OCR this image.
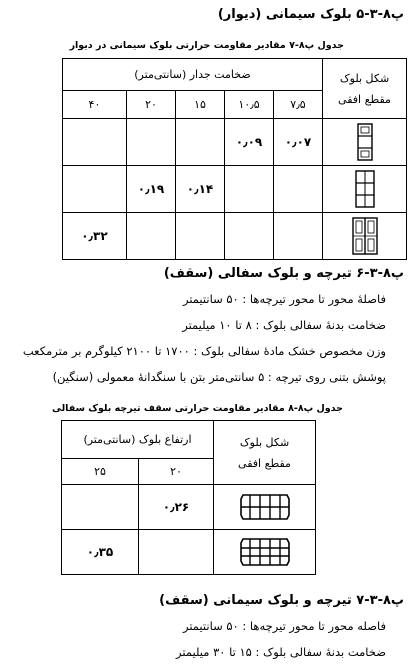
پ۸-۳-۵ بلوک سیمانی (دیوار)
جدول پ۸-۷ مقادیر مقاومت حرارتی بلوک سیمانی در دیوار
شکل بلوک
مقطع افقی	ضخامت جدار (سانتی‌متر)				
	۷٫۵	۱۰٫۵	۱۵	۲۰	۴۰

	۰٫۰۷	۰٫۰۹			

			۰٫۱۴	۰٫۱۹	

					۰٫۳۲
پ۸-۳-۶ تیرچه و بلوک سفالی (سقف)
فاصلهٔ محور تا محور تیرچه‌ها : ۵۰ سانتیمتر
ضخامت بدنهٔ سفالی بلوک : ۸ تا ۱۰ میلیمتر
وزن مخصوص خشک مادهٔ سفالی بلوک : ۱۷۰۰ تا ۲۱۰۰ کیلوگرم بر مترمکعب
پوشش بتنی روی تیرچه : ۵ سانتی‌متر بتن با سنگدانهٔ معمولی (سنگین)
جدول پ۸-۸ مقادیر مقاومت حرارتی سقف تیرچه بلوک سفالی
شکل بلوک
مقطع افقی	ارتفاع بلوک (سانتی‌متر)	
	۲۰	۲۵

	۰٫۲۶	

		۰٫۳۵
پ۸-۳-۷ تیرچه و بلوک سیمانی (سقف)
فاصله محور تا محور تیرچه‌ها : ۵۰ سانتیمتر
ضخامت بدنهٔ سفالی بلوک : ۱۵ تا ۳۰ میلیمتر
